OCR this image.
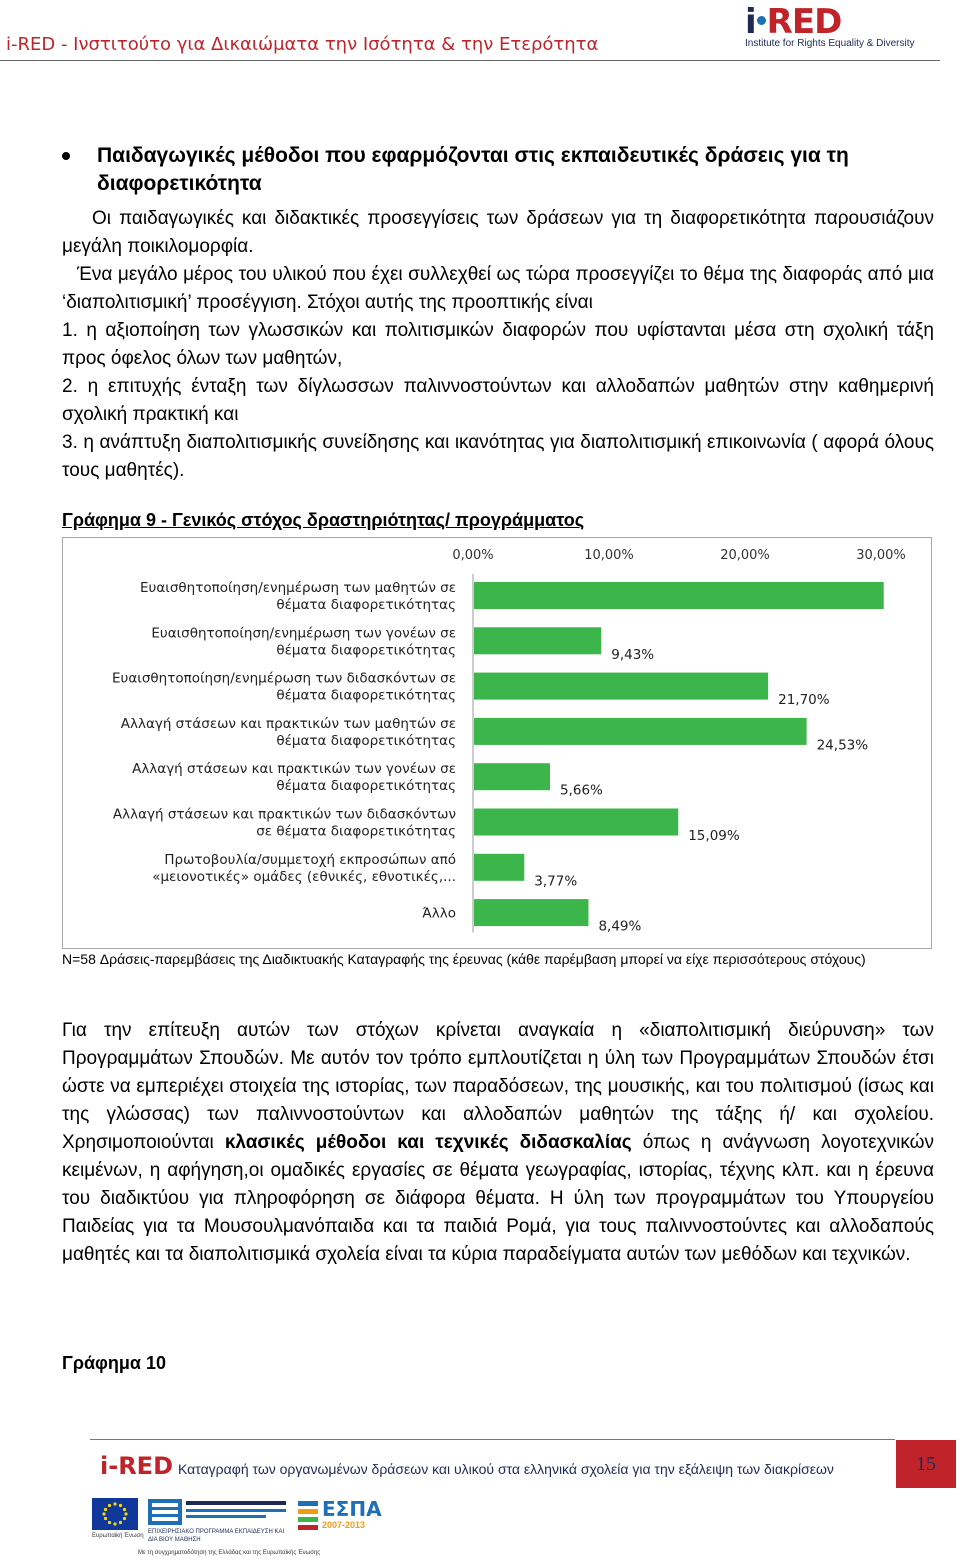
i-RED - Ινστιτούτο για Δικαιώματα την Ισότητα & την Ετερότητα
i RED
Institute for Rights Equality & Diversity
Παιδαγωγικές μέθοδοι που εφαρμόζονται στις εκπαιδευτικές δράσεις για τη διαφορετικότητα
Οι παιδαγωγικές και διδακτικές προσεγγίσεις των δράσεων για τη διαφορετικότητα παρουσιάζουν μεγάλη ποικιλομορφία.
Ένα μεγάλο μέρος του υλικού που έχει συλλεχθεί ως τώρα προσεγγίζει το θέμα της διαφοράς από μια ‘διαπολιτισμική’ προσέγγιση. Στόχοι αυτής της προοπτικής είναι
1. η αξιοποίηση των γλωσσικών και πολιτισμικών διαφορών που υφίστανται μέσα στη σχολική τάξη προς όφελος όλων των μαθητών,
2. η επιτυχής ένταξη των δίγλωσσων παλιννοστούντων και αλλοδαπών μαθητών στην καθημερινή σχολική πρακτική και
3. η ανάπτυξη διαπολιτισμικής συνείδησης και ικανότητας για διαπολιτισμική επικοινωνία ( αφορά όλους τους μαθητές).
Γράφημα 9 - Γενικός στόχος δραστηριότητας/ προγράμματος
0,00%	10,00%	20,00%	30,00%
Ευαισθητοποίηση/ενημέρωση των μαθητών σε
θέματα διαφορετικότητας
Ευαισθητοποίηση/ενημέρωση των γονέων σε
θέματα διαφορετικότητας	9,43%
Ευαισθητοποίηση/ενημέρωση των διδασκόντων σε
θέματα διαφορετικότητας	21,70%
Αλλαγή στάσεων και πρακτικών των μαθητών σε
θέματα διαφορετικότητας	24,53%
Αλλαγή στάσεων και πρακτικών των γονέων σε
θέματα διαφορετικότητας	5,66%
Αλλαγή στάσεων και πρακτικών των διδασκόντων
σε θέματα διαφορετικότητας	15,09%
Πρωτοβουλία/συμμετοχή εκπροσώπων από
«μειονοτικές» ομάδες (εθνικές, εθνοτικές,...	3,77%
Άλλο
8,49%
N=58 Δράσεις-παρεμβάσεις της Διαδικτυακής Καταγραφής της έρευνας (κάθε παρέμβαση μπορεί να είχε περισσότερους στόχους)
Για την επίτευξη αυτών των στόχων κρίνεται αναγκαία η «διαπολιτισμική διεύρυνση» των Προγραμμάτων Σπουδών. Με αυτόν τον τρόπο εμπλουτίζεται η ύλη των Προγραμμάτων Σπουδών έτσι ώστε να εμπεριέχει στοιχεία της ιστορίας, των παραδόσεων, της μουσικής, και του πολιτισμού (ίσως και της γλώσσας) των παλιννοστούντων και αλλοδαπών μαθητών της τάξης ή/ και σχολείου. Χρησιμοποιούνται κλασικές μέθοδοι και τεχνικές διδασκαλίας όπως η ανάγνωση λογοτεχνικών κειμένων, η αφήγηση,οι ομαδικές εργασίες σε θέματα γεωγραφίας, ιστορίας, τέχνης κλπ. και η έρευνα του διαδικτύου για πληροφόρηση σε διάφορα θέματα. Η ύλη των προγραμμάτων του Υπουργείου Παιδείας για τα Μουσουλμανόπαιδα και τα παιδιά Ρομά, για τους παλιννοστούντες και αλλοδαπούς μαθητές και τα διαπολιτισμικά σχολεία είναι τα κύρια παραδείγματα αυτών των μεθόδων και τεχνικών.
Γράφημα 10
i-RED Καταγραφή των οργανωμένων δράσεων και υλικού στα ελληνικά σχολεία για την εξάλειψη των διακρίσεων	15
Ευρωπαϊκή Ένωση
ΕΠΙΧΕΙΡΗΣΙΑΚΟ ΠΡΟΓΡΑΜΜΑ ΕΚΠΑΙΔΕΥΣΗ ΚΑΙ ΔΙΑ ΒΙΟΥ ΜΑΘΗΣΗ
ΕΣΠΑ
2007-2013
Με τη συγχρηματοδότηση της Ελλάδας και της Ευρωπαϊκής Ένωσης
